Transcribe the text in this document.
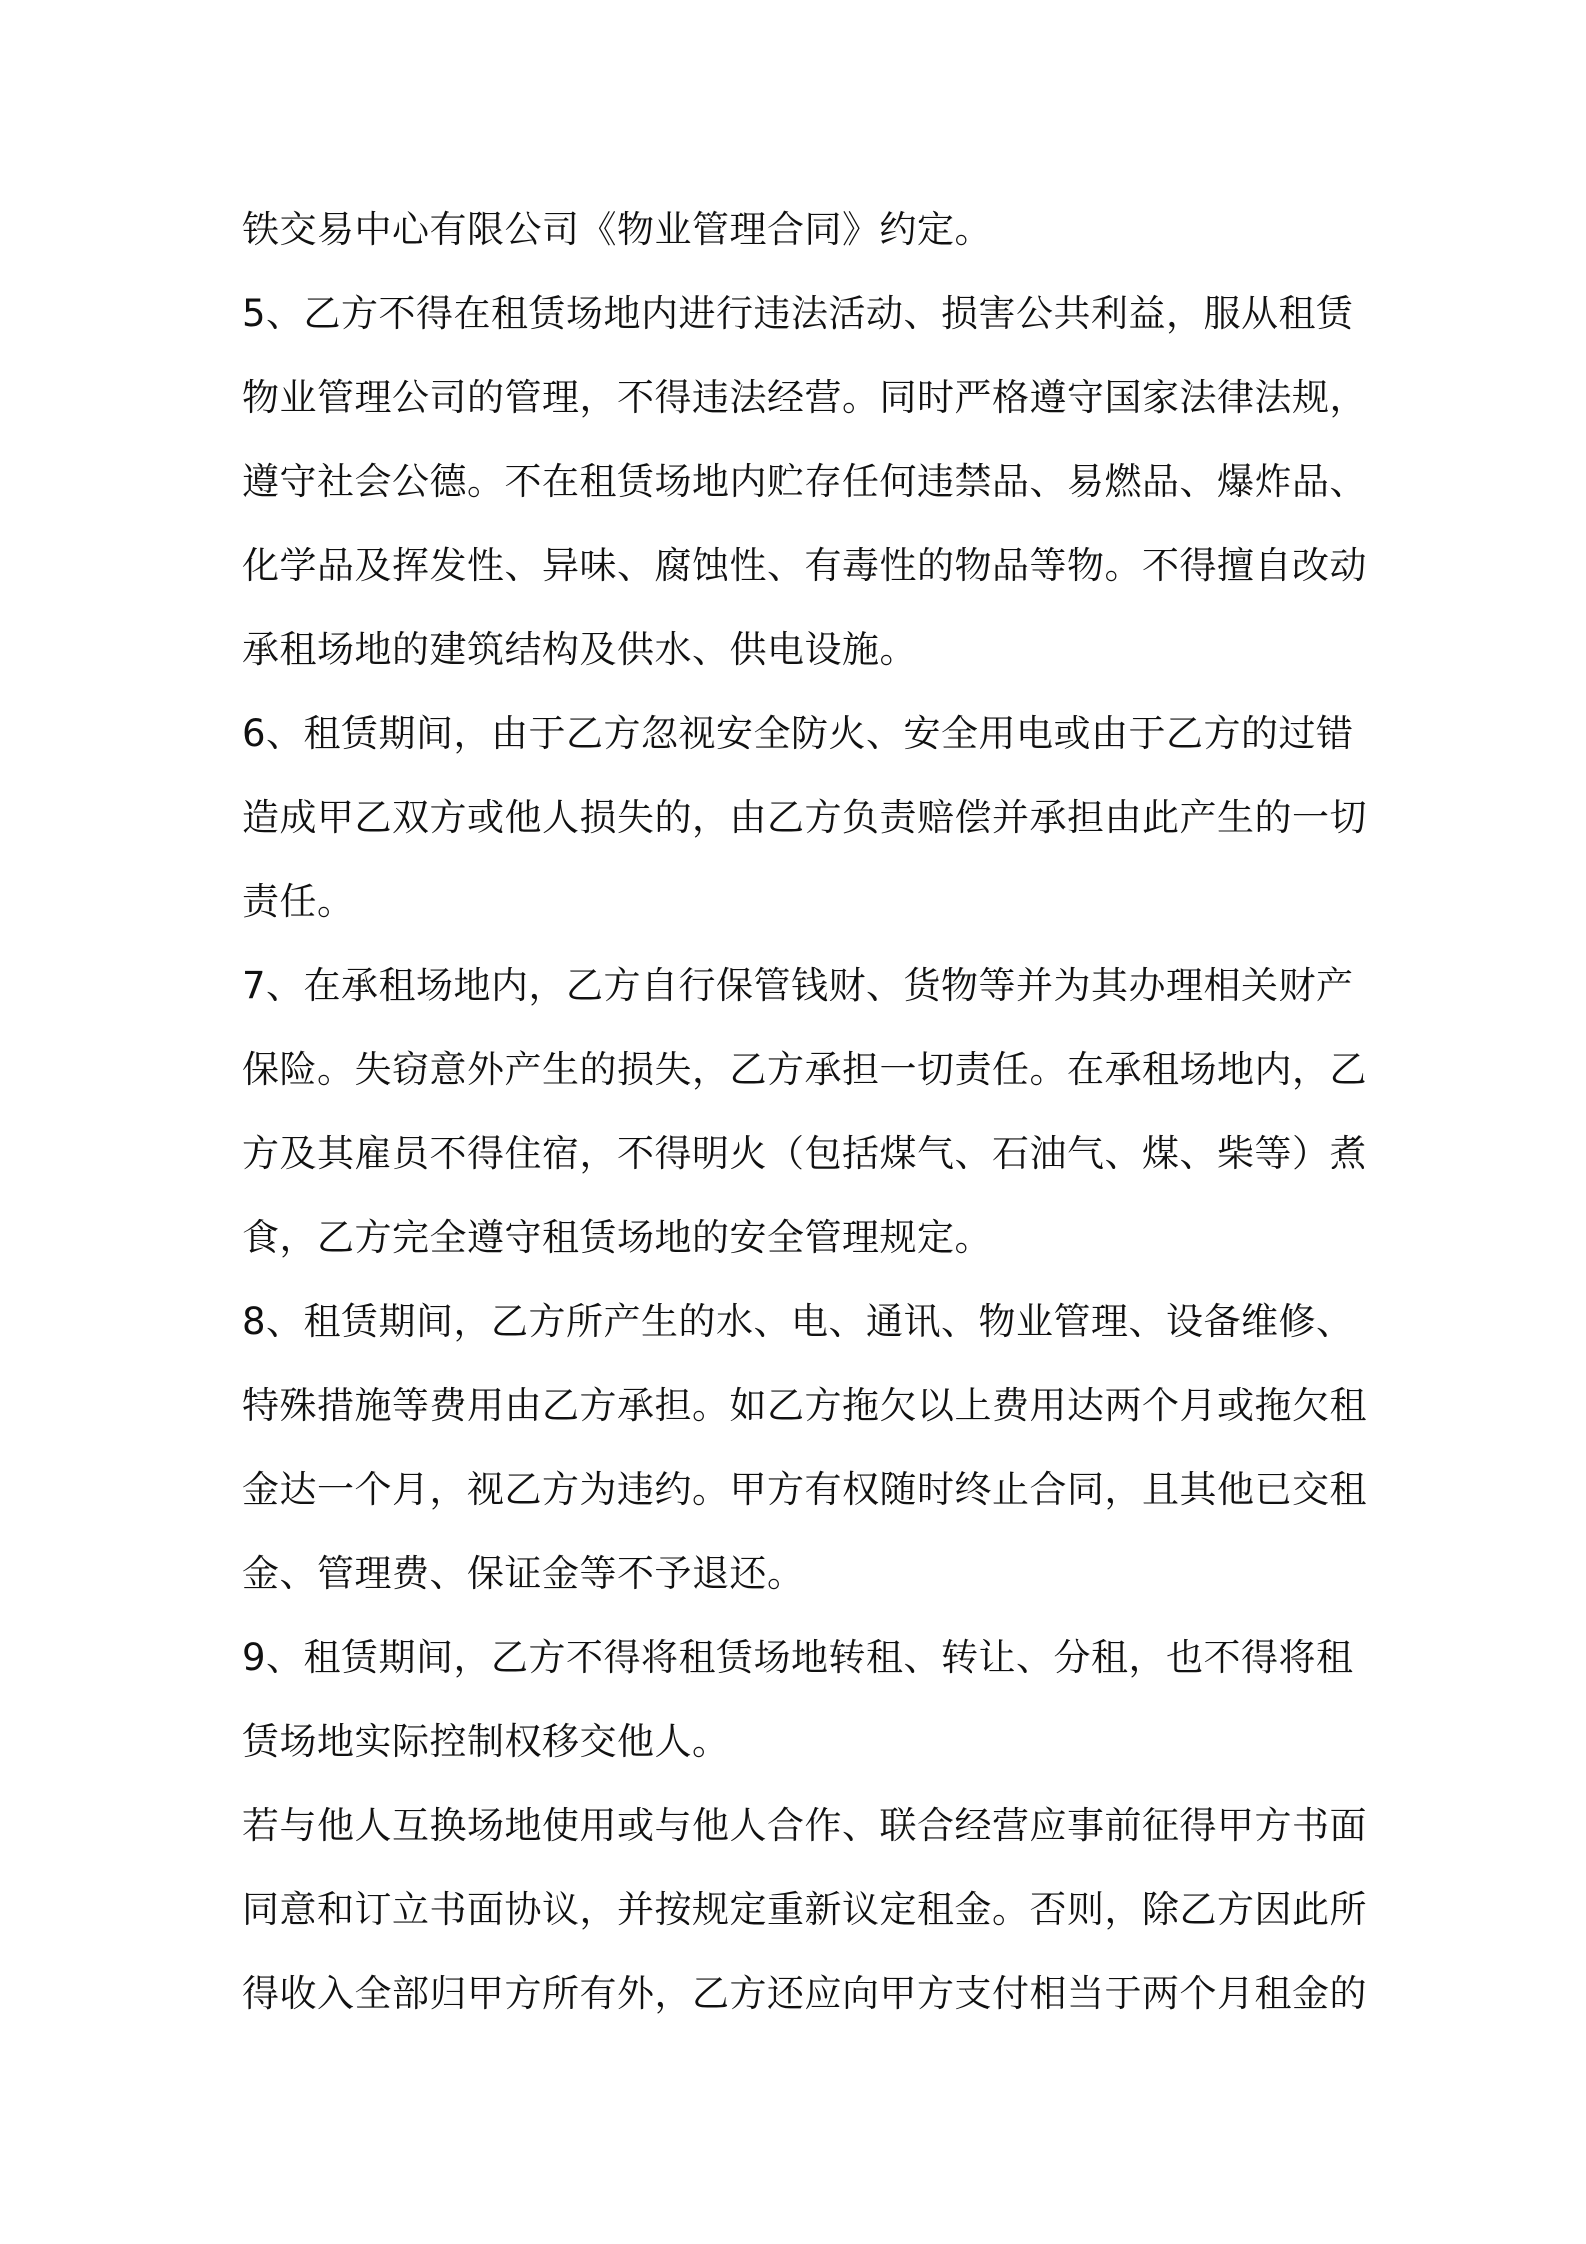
铁交易中心有限公司《物业管理合同》约定。
5、乙方不得在租赁场地内进行违法活动、损害公共利益，服从租赁
物业管理公司的管理，不得违法经营。同时严格遵守国家法律法规，
遵守社会公德。不在租赁场地内贮存任何违禁品、易燃品、爆炸品、
化学品及挥发性、异味、腐蚀性、有毒性的物品等物。不得擅自改动
承租场地的建筑结构及供水、供电设施。
6、租赁期间，由于乙方忽视安全防火、安全用电或由于乙方的过错
造成甲乙双方或他人损失的，由乙方负责赔偿并承担由此产生的一切
责任。
7、在承租场地内，乙方自行保管钱财、货物等并为其办理相关财产
保险。失窃意外产生的损失，乙方承担一切责任。在承租场地内，乙
方及其雇员不得住宿，不得明火（包括煤气、石油气、煤、柴等）煮
食，乙方完全遵守租赁场地的安全管理规定。
8、租赁期间，乙方所产生的水、电、通讯、物业管理、设备维修、
特殊措施等费用由乙方承担。如乙方拖欠以上费用达两个月或拖欠租
金达一个月，视乙方为违约。甲方有权随时终止合同，且其他已交租
金、管理费、保证金等不予退还。
9、租赁期间，乙方不得将租赁场地转租、转让、分租，也不得将租
赁场地实际控制权移交他人。
若与他人互换场地使用或与他人合作、联合经营应事前征得甲方书面
同意和订立书面协议，并按规定重新议定租金。否则，除乙方因此所
得收入全部归甲方所有外，乙方还应向甲方支付相当于两个月租金的
